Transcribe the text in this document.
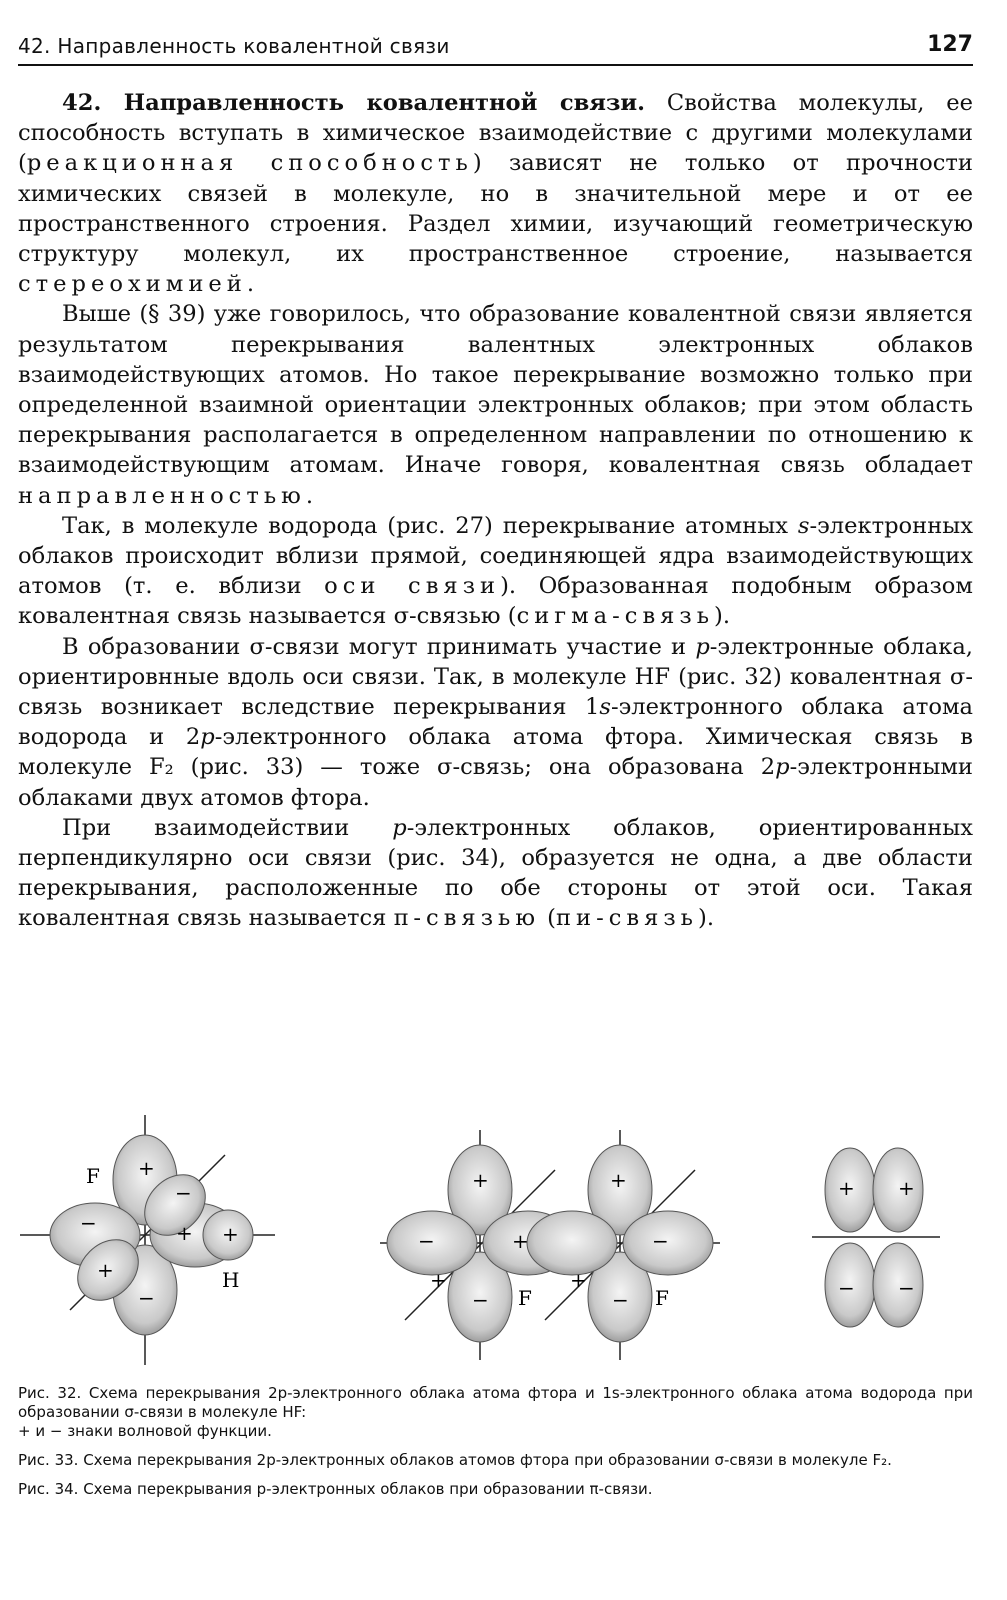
42. Направленность ковалентной связи	127

42. Направленность ковалентной связи. Свойства молекулы, ее способность вступать в химическое взаимодействие с другими молекулами (реакционная способность) зависят не только от прочности химических связей в молекуле, но в значительной мере и от ее пространственного строения. Раздел химии, изучающий геометрическую структуру молекул, их пространственное строение, называется стереохимией.

Выше (§ 39) уже говорилось, что образование ковалентной связи является результатом перекрывания валентных электронных облаков взаимодействующих атомов. Но такое перекрывание возможно только при определенной взаимной ориентации электронных облаков; при этом область перекрывания располагается в определенном направлении по отношению к взаимодействующим атомам. Иначе говоря, ковалентная связь обладает направленностью.

Так, в молекуле водорода (рис. 27) перекрывание атомных s-электронных облаков происходит вблизи прямой, соединяющей ядра взаимодействующих атомов (т. е. вблизи оси связи). Образованная подобным образом ковалентная связь называется σ-связью (сигма-связь).

В образовании σ-связи могут принимать участие и p-электронные облака, ориентировнные вдоль оси связи. Так, в молекуле HF (рис. 32) ковалентная σ-связь возникает вследствие перекрывания 1s-электронного облака атома водорода и 2p-электронного облака атома фтора. Химическая связь в молекуле F₂ (рис. 33) — тоже σ-связь; она образована 2p-электронными облаками двух атомов фтора.

При взаимодействии p-электронных облаков, ориентированных перпендикулярно оси связи (рис. 34), образуется не одна, а две области перекрывания, расположенные по обе стороны от этой оси. Такая ковалентная связь называется π-связью (пи-связь).

F
H
+
+
+
+
−
−
−
F	F
+
+
+
+
+
−
−	−
−
+ +
− −

Рис. 32. Схема перекрывания 2p-электронного облака атома фтора и 1s-электронного облака атома водорода при образовании σ-связи в молекуле HF:
+ и − знаки волновой функции.

Рис. 33. Схема перекрывания 2p-электронных облаков атомов фтора при образовании σ-связи в молекуле F₂.

Рис. 34. Схема перекрывания p-электронных облаков при образовании π-связи.
